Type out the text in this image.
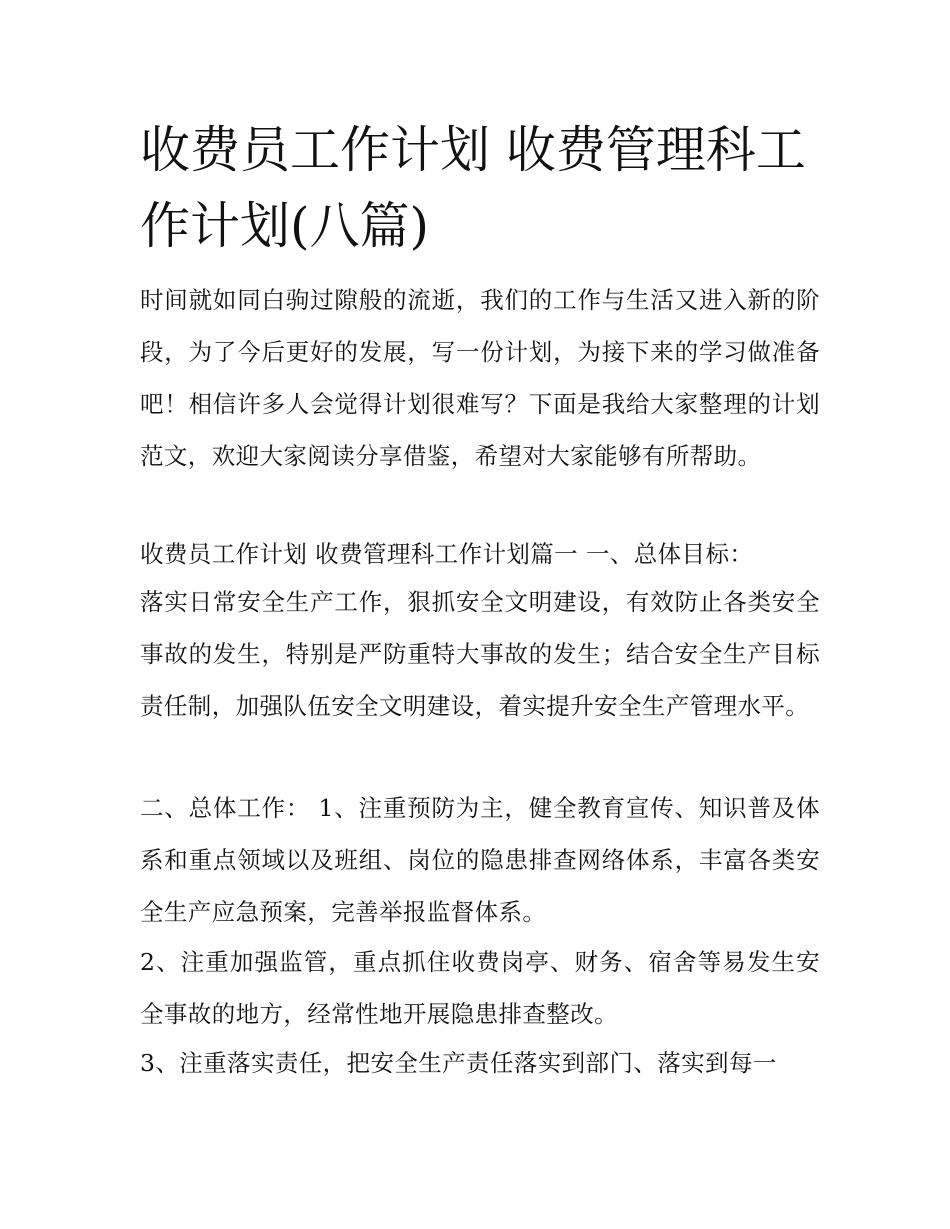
收费员工作计划 收费管理科工作计划(八篇)

时间就如同白驹过隙般的流逝，我们的工作与生活又进入新的阶段，为了今后更好的发展，写一份计划，为接下来的学习做准备吧！相信许多人会觉得计划很难写？下面是我给大家整理的计划范文，欢迎大家阅读分享借鉴，希望对大家能够有所帮助。

收费员工作计划 收费管理科工作计划篇一 一、总体目标：

落实日常安全生产工作，狠抓安全文明建设，有效防止各类安全事故的发生，特别是严防重特大事故的发生；结合安全生产目标责任制，加强队伍安全文明建设，着实提升安全生产管理水平。

二、总体工作： 1、注重预防为主，健全教育宣传、知识普及体系和重点领域以及班组、岗位的隐患排查网络体系，丰富各类安全生产应急预案，完善举报监督体系。

2、注重加强监管，重点抓住收费岗亭、财务、宿舍等易发生安全事故的地方，经常性地开展隐患排查整改。

3、注重落实责任，把安全生产责任落实到部门、落实到每一
